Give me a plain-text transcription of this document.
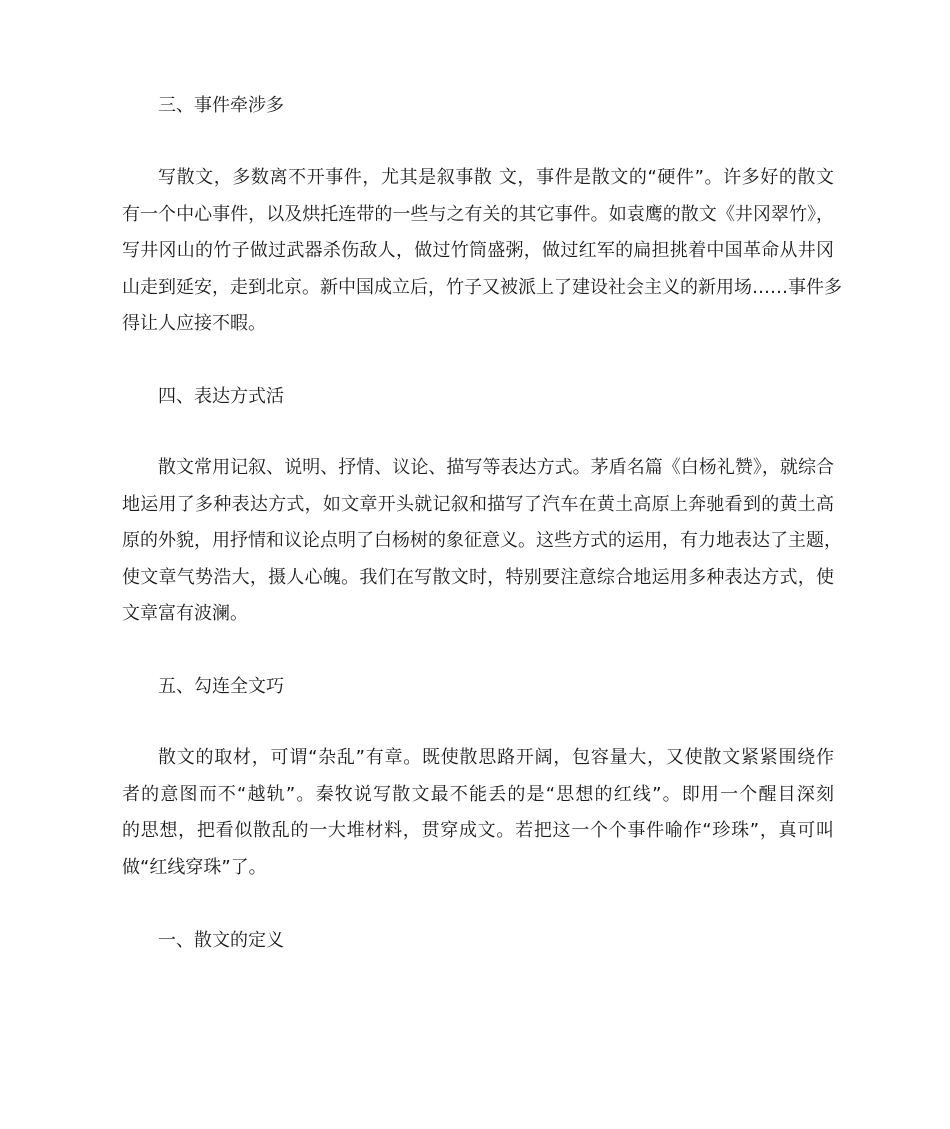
三、事件牵涉多
写散文，多数离不开事件，尤其是叙事散 文，事件是散文的“硬件”。许多好的散文
有一个中心事件，以及烘托连带的一些与之有关的其它事件。如袁鹰的散文《井冈翠竹》，
写井冈山的竹子做过武器杀伤敌人，做过竹筒盛粥，做过红军的扁担挑着中国革命从井冈
山走到延安，走到北京。新中国成立后，竹子又被派上了建设社会主义的新用场……事件多
得让人应接不暇。
四、表达方式活
散文常用记叙、说明、抒情、议论、描写等表达方式。茅盾名篇《白杨礼赞》，就综合
地运用了多种表达方式，如文章开头就记叙和描写了汽车在黄土高原上奔驰看到的黄土高
原的外貌，用抒情和议论点明了白杨树的象征意义。这些方式的运用，有力地表达了主题，
使文章气势浩大，摄人心魄。我们在写散文时，特别要注意综合地运用多种表达方式，使
文章富有波澜。
五、勾连全文巧
散文的取材，可谓“杂乱”有章。既使散思路开阔，包容量大，又使散文紧紧围绕作
者的意图而不“越轨”。秦牧说写散文最不能丢的是“思想的红线”。即用一个醒目深刻
的思想，把看似散乱的一大堆材料，贯穿成文。若把这一个个事件喻作“珍珠”，真可叫
做“红线穿珠”了。
一、散文的定义
